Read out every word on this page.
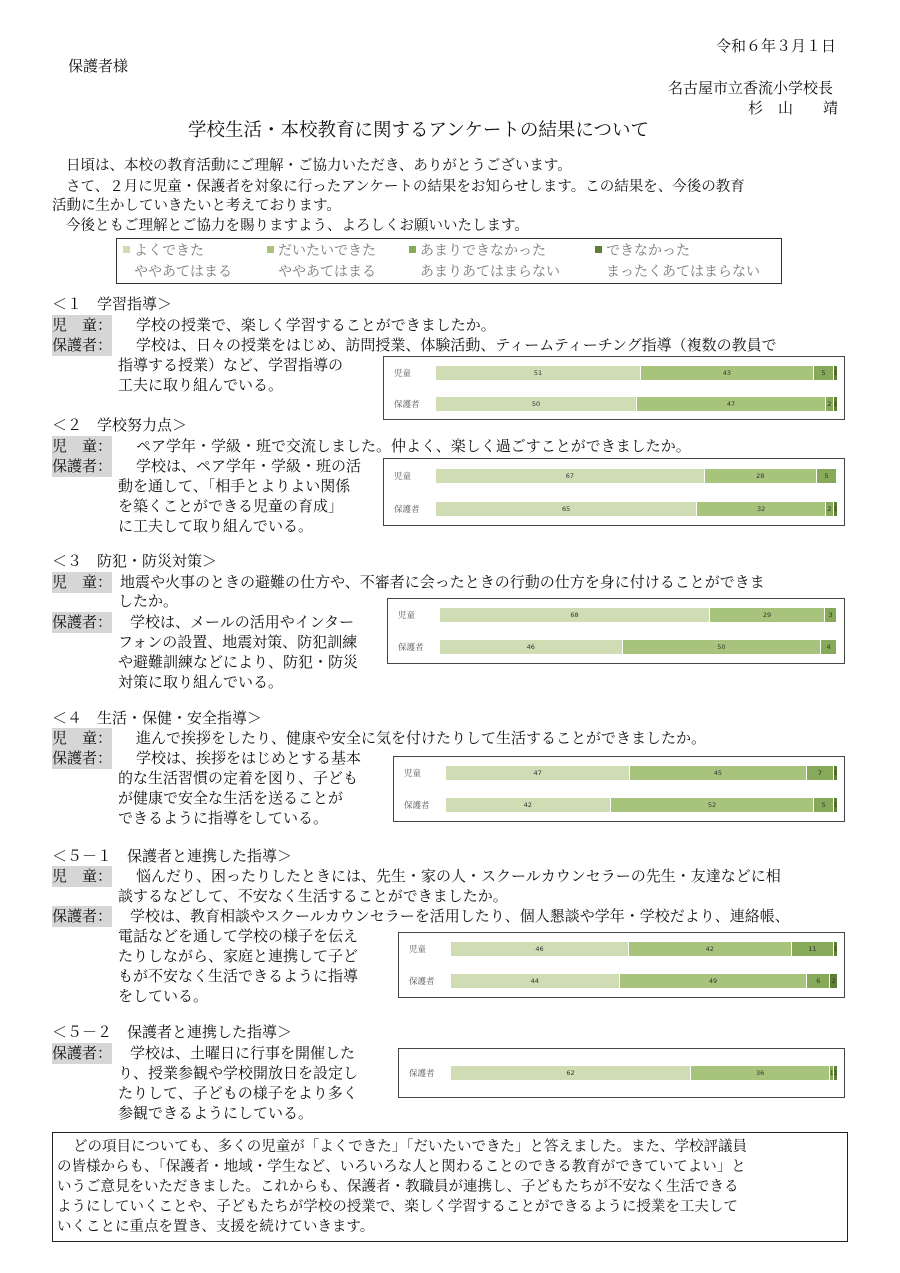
令和６年３月１日
保護者様
名古屋市立香流小学校長
杉　山　　靖
学校生活・本校教育に関するアンケートの結果について
日頃は、本校の教育活動にご理解・ご協力いただき、ありがとうございます。
さて、２月に児童・保護者を対象に行ったアンケートの結果をお知らせします。この結果を、今後の教育
活動に生かしていきたいと考えております。
今後ともご理解とご協力を賜りますよう、よろしくお願いいたします。
よくできた
ややあてはまる
だいたいできた
ややあてはまる
あまりできなかった
あまりあてはまらない
できなかった
まったくあてはまらない
＜１　学習指導＞
児　童： 学校の授業で、楽しく学習することができましたか。
保護者： 学校は、日々の授業をはじめ、訪問授業、体験活動、ティームティーチング指導（複数の教員で
指導する授業）など、学習指導の
工夫に取り組んでいる。
児童	51	43	5 1
保護者	50	47	2 1
＜２　学校努力点＞
児　童： ペア学年・学級・班で交流しました。仲よく、楽しく過ごすことができましたか。
保護者： 学校は、ペア学年・学級・班の活
動を通して、「相手とよりよい関係
を築くことができる児童の育成」
に工夫して取り組んでいる。
児童	67	28	5
保護者	65	32	2 1
＜３　防犯・防災対策＞
児　童： 地震や火事のときの避難の仕方や、不審者に会ったときの行動の仕方を身に付けることができま
したか。
保護者： 学校は、メールの活用やインター
フォンの設置、地震対策、防犯訓練
や避難訓練などにより、防犯・防災
対策に取り組んでいる。
児童	68	29	3
保護者	46	50	4
＜４　生活・保健・安全指導＞
児　童： 進んで挨拶をしたり、健康や安全に気を付けたりして生活することができましたか。
保護者： 学校は、挨拶をはじめとする基本
的な生活習慣の定着を図り、子ども
が健康で安全な生活を送ることが
できるように指導をしている。
児童	47	45	7 1
保護者	42	52	5 1
＜５－１　保護者と連携した指導＞
児　童： 悩んだり、困ったりしたときには、先生・家の人・スクールカウンセラーの先生・友達などに相
談するなどして、不安なく生活することができましたか。
保護者： 学校は、教育相談やスクールカウンセラーを活用したり、個人懇談や学年・学校だより、連絡帳、
電話などを通して学校の様子を伝え
たりしながら、家庭と連携して子ど
もが不安なく生活できるように指導
をしている。
児童	46	42	11	1
保護者	44	49	6 2
＜５－２　保護者と連携した指導＞
保護者： 学校は、土曜日に行事を開催した
り、授業参観や学校開放日を設定し
たりして、子どもの様子をより多く
参観できるようにしている。
保護者	62	36	1 1
どの項目についても、多くの児童が「よくできた」「だいたいできた」と答えました。また、学校評議員
の皆様からも、「保護者・地域・学生など、いろいろな人と関わることのできる教育ができていてよい」と
いうご意見をいただきました。これからも、保護者・教職員が連携し、子どもたちが不安なく生活できる
ようにしていくことや、子どもたちが学校の授業で、楽しく学習することができるように授業を工夫して
いくことに重点を置き、支援を続けていきます。
